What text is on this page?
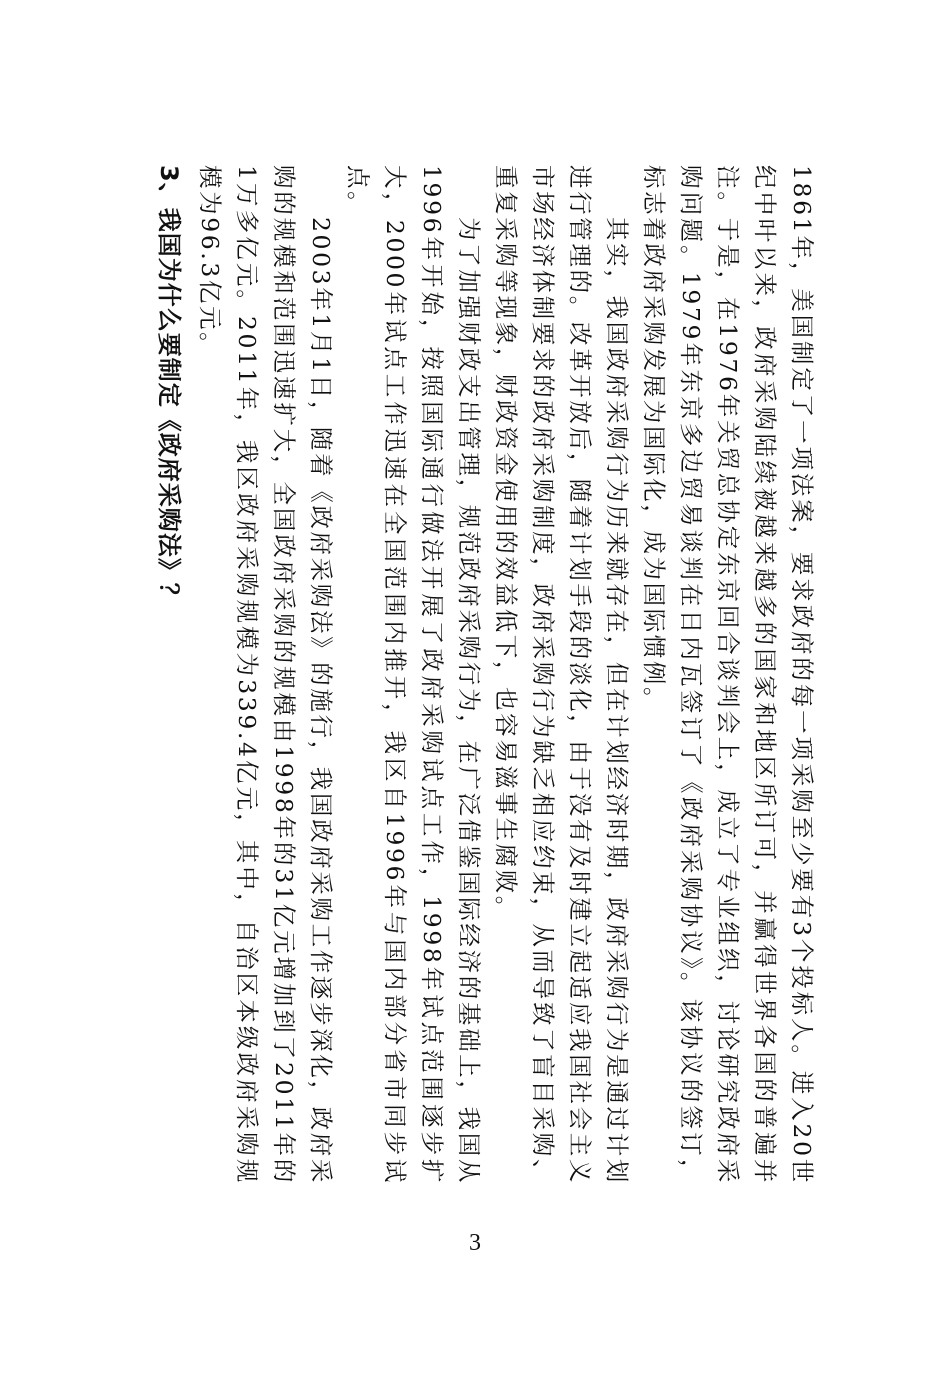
1861年，美国制定了一项法案，要求政府的每一项采购至少要有3个投标人。进入20世纪中叶以来，政府采购陆续被越来越多的国家和地区所订可，并赢得世界各国的普遍并注。于是，在1976年关贸总协定东京回合谈判会上，成立了专业组织，讨论研究政府采购问题。1979年东京多边贸易谈判在日内瓦签订了《政府采购协议》。该协议的签订，标志着政府采购发展为国际化，成为国际惯例。

其实，我国政府采购行为历来就存在，但在计划经济时期，政府采购行为是通过计划进行管理的。改革开放后，随着计划手段的淡化，由于没有及时建立起适应我国社会主义市场经济体制要求的政府采购制度，政府采购行为缺乏相应约束，从而导致了盲目采购、重复采购等现象，财政资金使用的效益低下，也容易滋事生腐败。

为了加强财政支出管理，规范政府采购行为，在广泛借鉴国际经济的基础上，我国从1996年开始，按照国际通行做法开展了政府采购试点工作，1998年试点范围逐步扩大，2000年试点工作迅速在全国范围内推开，我区自1996年与国内部分省市同步试点。

2003年1月1日，随着《政府采购法》的施行，我国政府采购工作逐步深化，政府采购的规模和范围迅速扩大，全国政府采购的规模由1998年的31亿元增加到了2011年的1万多亿元。2011年，我区政府采购规模为339.4亿元，其中，自治区本级政府采购规模为96.3亿元。

3、我国为什么要制定《政府采购法》？

3
